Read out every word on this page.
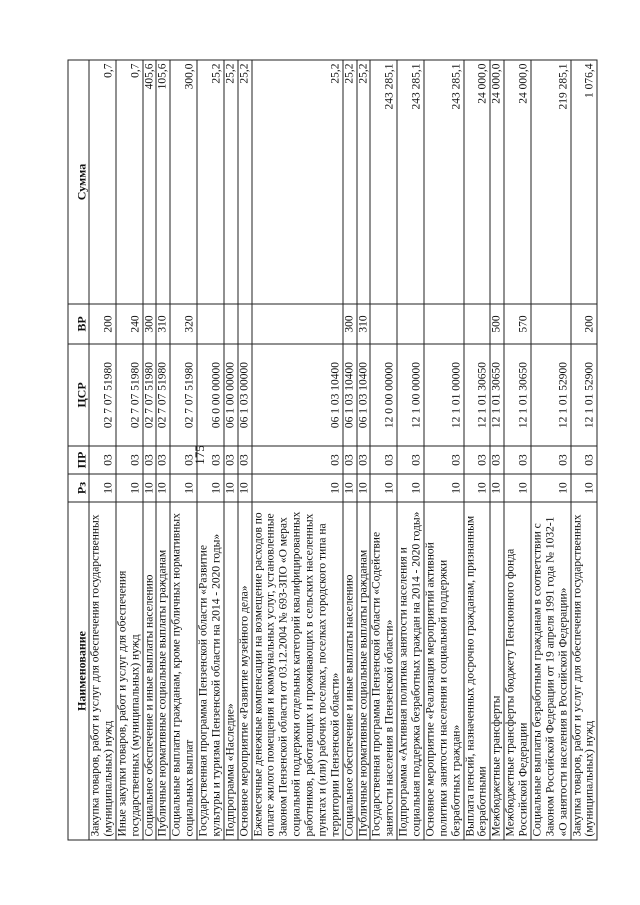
175
Наименование	Рз	ПР	ЦСР	ВР	Сумма
Закупка товаров, работ и услуг для обеспечения государственных (муниципальных) нужд	10	03	02 7 07 51980	200	0,7
Иные закупки товаров, работ и услуг для обеспечения государственных (муниципальных) нужд	10	03	02 7 07 51980	240	0,7
Социальное обеспечение и иные выплаты населению	10	03	02 7 07 51980	300	405,6
Публичные нормативные социальные выплаты гражданам	10	03	02 7 07 51980	310	105,6
Социальные выплаты гражданам, кроме публичных нормативных социальных выплат	10	03	02 7 07 51980	320	300,0
Государственная программа Пензенской области «Развитие культуры и туризма Пензенской области на 2014 - 2020 годы»	10	03	06 0 00 00000		25,2
Подпрограмма «Наследие»	10	03	06 1 00 00000		25,2
Основное мероприятие «Развитие музейного дела»	10	03	06 1 03 00000		25,2
Ежемесячные денежные компенсации на возмещение расходов по оплате жилого помещения и коммунальных услуг, установленные Законом Пензенской области от 03.12.2004 № 693-ЗПО «О мерах социальной поддержки отдельных категорий квалифицированных работников, работающих и проживающих в сельских населенных пунктах и (или) рабочих поселках, поселках городского типа на территории Пензенской области»	10	03	06 1 03 10400		25,2
Социальное обеспечение и иные выплаты населению	10	03	06 1 03 10400	300	25,2
Публичные нормативные социальные выплаты гражданам	10	03	06 1 03 10400	310	25,2
Государственная программа Пензенской области «Содействие занятости населения в Пензенской области»	10	03	12 0 00 00000		243 285,1
Подпрограмма «Активная политика занятости населения и социальная поддержка безработных граждан на 2014 - 2020 годы»	10	03	12 1 00 00000		243 285,1
Основное мероприятие «Реализация мероприятий активной политики занятости населения и социальной поддержки безработных граждан»	10	03	12 1 01 00000		243 285,1
Выплата пенсий, назначенных досрочно гражданам, признанным безработными	10	03	12 1 01 30650		24 000,0
Межбюджетные трансферты	10	03	12 1 01 30650	500	24 000,0
Межбюджетные трансферты бюджету Пенсионного фонда Российской Федерации	10	03	12 1 01 30650	570	24 000,0
Социальные выплаты безработным гражданам в соответствии с Законом Российской Федерации от 19 апреля 1991 года № 1032-1 «О занятости населения в Российской Федерации»	10	03	12 1 01 52900		219 285,1
Закупка товаров, работ и услуг для обеспечения государственных (муниципальных) нужд	10	03	12 1 01 52900	200	1 076,4
